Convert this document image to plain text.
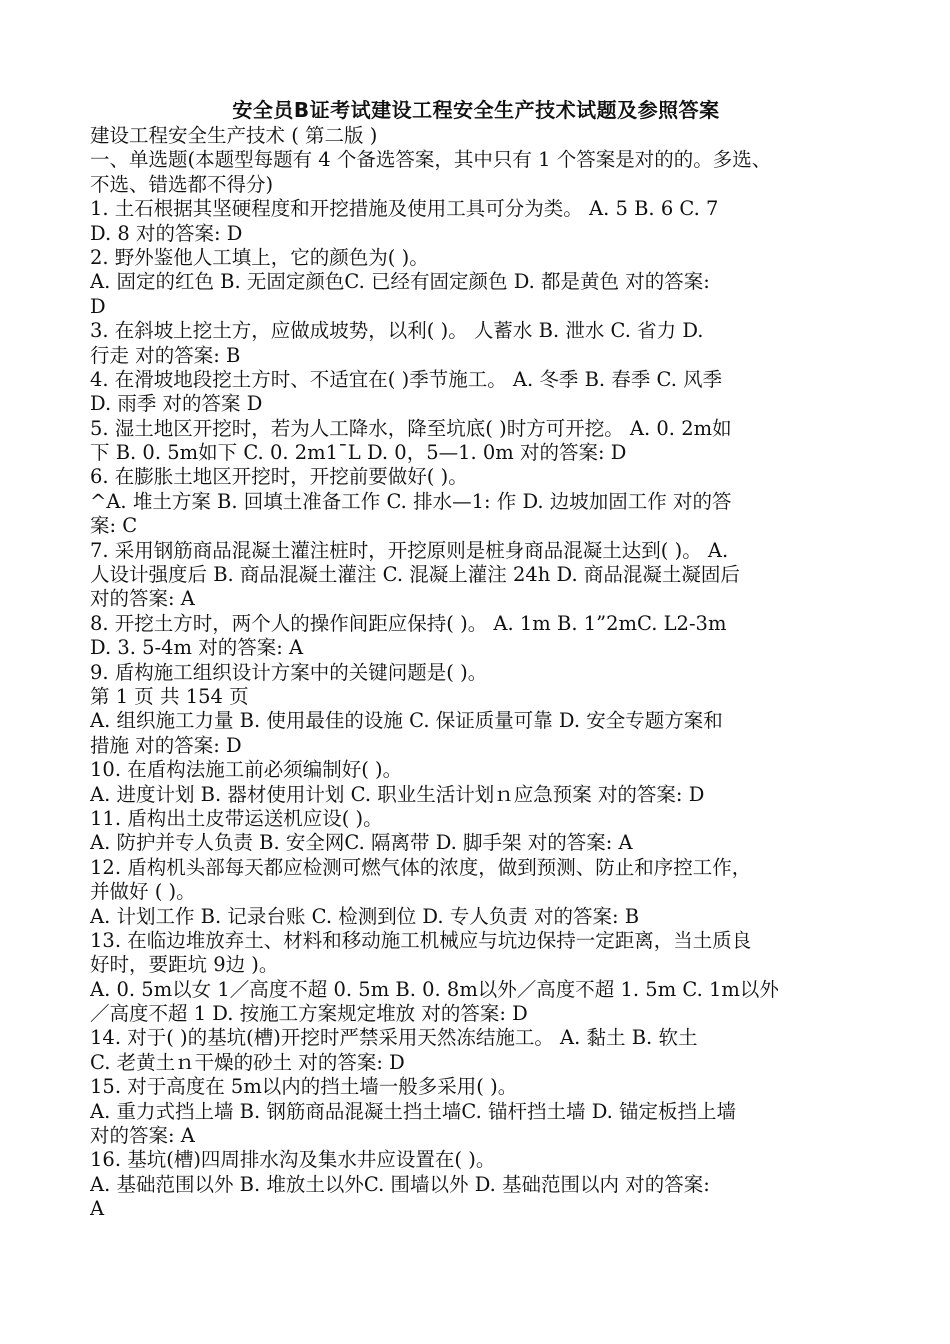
安全员B证考试建设工程安全生产技术试题及参照答案
建设工程安全生产技术 ( 第二版 )
一、单选题(本题型每题有 4 个备选答案，其中只有 1 个答案是对的的。多选、
不选、错选都不得分)
1. 土石根据其坚硬程度和开挖措施及使用工具可分为类。 A. 5 B. 6 C. 7
D. 8 对的答案: D
2. 野外鉴他人工填上，它的颜色为( )。
A. 固定的红色 B. 无固定颜色C. 已经有固定颜色 D. 都是黄色 对的答案:
D
3. 在斜坡上挖土方，应做成坡势，以利( )。 人蓄水 B. 泄水 C. 省力 D.
行走 对的答案: B
4. 在滑坡地段挖土方时、不适宜在( )季节施工。 A. 冬季 B. 春季 C. 风季
D. 雨季 对的答案 D
5. 湿土地区开挖时，若为人工降水，降至坑底( )时方可开挖。 A. 0. 2m如
下 B. 0. 5m如下 C. 0. 2m1¯L D. 0，5—1. 0m 对的答案: D
6. 在膨胀土地区开挖时，开挖前要做好( )。
^A. 堆土方案 B. 回填土准备工作 C. 排水—1: 作 D. 边坡加固工作 对的答
案: C
7. 采用钢筋商品混凝土灌注桩时，开挖原则是桩身商品混凝土达到( )。 A.
人设计强度后 B. 商品混凝土灌注 C. 混凝上灌注 24h D. 商品混凝土凝固后
对的答案: A
8. 开挖土方时，两个人的操作间距应保持( )。 A. 1m B. 1”2mC. L2-3m
D. 3. 5-4m 对的答案: A
9. 盾构施工组织设计方案中的关键问题是( )。
第 1 页 共 154 页
A. 组织施工力量 B. 使用最佳的设施 C. 保证质量可靠 D. 安全专题方案和
措施 对的答案: D
10. 在盾构法施工前必须编制好( )。
A. 进度计划 B. 器材使用计划 C. 职业生活计划ｎ应急预案 对的答案: D
11. 盾构出土皮带运送机应设( )。
A. 防护并专人负责 B. 安全网C. 隔离带 D. 脚手架 对的答案: A
12. 盾构机头部每天都应检测可燃气体的浓度，做到预测、防止和序控工作，
并做好 ( )。
A. 计划工作 B. 记录台账 C. 检测到位 D. 专人负责 对的答案: B
13. 在临边堆放弃土、材料和移动施工机械应与坑边保持一定距离，当土质良
好时，要距坑 9边 )。
A. 0. 5m以女 1／高度不超 0. 5m B. 0. 8m以外／高度不超 1. 5m C. 1m以外
／高度不超 1 D. 按施工方案规定堆放 对的答案: D
14. 对于( )的基坑(槽)开挖时严禁采用天然冻结施工。 A. 黏土 B. 软土
C. 老黄土ｎ干燥的砂土 对的答案: D
15. 对于高度在 5m以内的挡土墙一般多采用( )。
A. 重力式挡上墙 B. 钢筋商品混凝土挡土墙C. 锚杆挡土墙 D. 锚定板挡上墙
对的答案: A
16. 基坑(槽)四周排水沟及集水井应设置在( )。
A. 基础范围以外 B. 堆放土以外C. 围墙以外 D. 基础范围以内 对的答案:
A
